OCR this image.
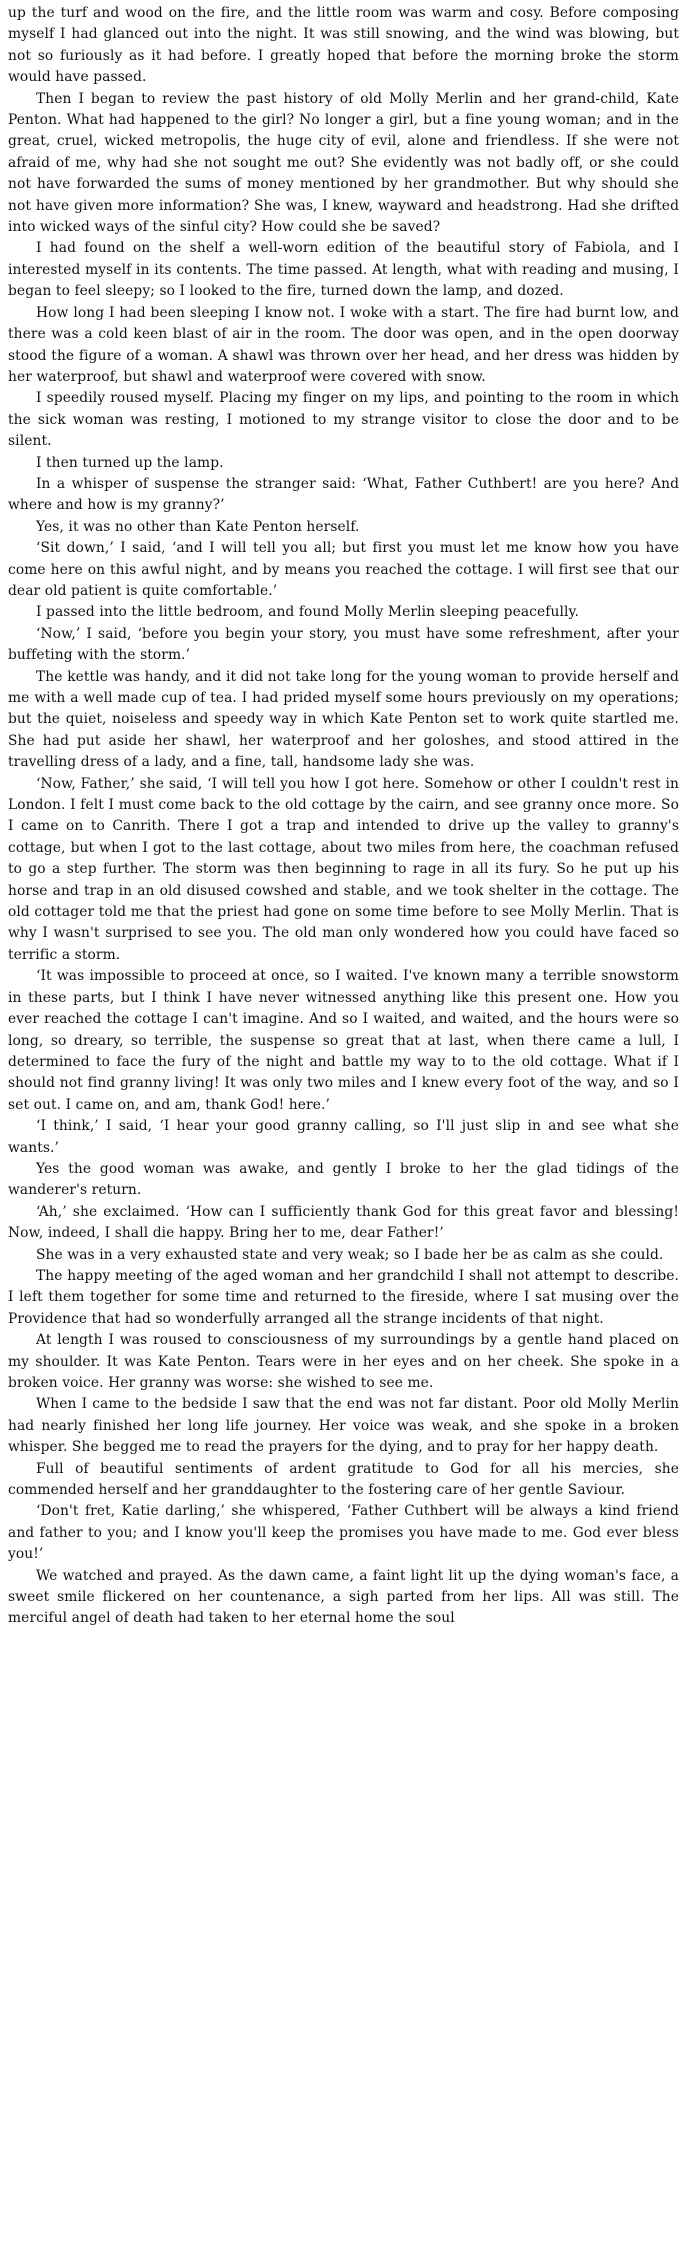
up the turf and wood on the fire, and the little room was warm and cosy. Before composing myself I had glanced out into the night. It was still snowing, and the wind was blowing, but not so furiously as it had before. I greatly hoped that before the morning broke the storm would have passed.

Then I began to review the past history of old Molly Merlin and her grand-child, Kate Penton. What had happened to the girl? No longer a girl, but a fine young woman; and in the great, cruel, wicked metropolis, the huge city of evil, alone and friendless. If she were not afraid of me, why had she not sought me out? She evidently was not badly off, or she could not have forwarded the sums of money mentioned by her grandmother. But why should she not have given more information? She was, I knew, wayward and headstrong. Had she drifted into wicked ways of the sinful city? How could she be saved?

I had found on the shelf a well-worn edition of the beautiful story of Fabiola, and I interested myself in its contents. The time passed. At length, what with reading and musing, I began to feel sleepy; so I looked to the fire, turned down the lamp, and dozed.

How long I had been sleeping I know not. I woke with a start. The fire had burnt low, and there was a cold keen blast of air in the room. The door was open, and in the open doorway stood the figure of a woman. A shawl was thrown over her head, and her dress was hidden by her waterproof, but shawl and waterproof were covered with snow.

I speedily roused myself. Placing my finger on my lips, and pointing to the room in which the sick woman was resting, I motioned to my strange visitor to close the door and to be silent.

I then turned up the lamp.

In a whisper of suspense the stranger said: ‘What, Father Cuthbert! are you here? And where and how is my granny?’

Yes, it was no other than Kate Penton herself.

‘Sit down,’ I said, ‘and I will tell you all; but first you must let me know how you have come here on this awful night, and by means you reached the cottage. I will first see that our dear old patient is quite comfortable.’

I passed into the little bedroom, and found Molly Merlin sleeping peacefully.

‘Now,’ I said, ‘before you begin your story, you must have some refreshment, after your buffeting with the storm.’

The kettle was handy, and it did not take long for the young woman to provide herself and me with a well made cup of tea. I had prided myself some hours previously on my operations; but the quiet, noiseless and speedy way in which Kate Penton set to work quite startled me. She had put aside her shawl, her waterproof and her goloshes, and stood attired in the travelling dress of a lady, and a fine, tall, handsome lady she was.

‘Now, Father,’ she said, ‘I will tell you how I got here. Somehow or other I couldn't rest in London. I felt I must come back to the old cottage by the cairn, and see granny once more. So I came on to Canrith. There I got a trap and intended to drive up the valley to granny's cottage, but when I got to the last cottage, about two miles from here, the coachman refused to go a step further. The storm was then beginning to rage in all its fury. So he put up his horse and trap in an old disused cowshed and stable, and we took shelter in the cottage. The old cottager told me that the priest had gone on some time before to see Molly Merlin. That is why I wasn't surprised to see you. The old man only wondered how you could have faced so terrific a storm.

‘It was impossible to proceed at once, so I waited. I've known many a terrible snowstorm in these parts, but I think I have never witnessed anything like this present one. How you ever reached the cottage I can't imagine. And so I waited, and waited, and the hours were so long, so dreary, so terrible, the suspense so great that at last, when there came a lull, I determined to face the fury of the night and battle my way to to the old cottage. What if I should not find granny living! It was only two miles and I knew every foot of the way, and so I set out. I came on, and am, thank God! here.’

‘I think,’ I said, ‘I hear your good granny calling, so I'll just slip in and see what she wants.’

Yes the good woman was awake, and gently I broke to her the glad tidings of the wanderer's return.

‘Ah,’ she exclaimed. ‘How can I sufficiently thank God for this great favor and blessing! Now, indeed, I shall die happy. Bring her to me, dear Father!’

She was in a very exhausted state and very weak; so I bade her be as calm as she could.

The happy meeting of the aged woman and her grandchild I shall not attempt to describe. I left them together for some time and returned to the fireside, where I sat musing over the Providence that had so wonderfully arranged all the strange incidents of that night.

At length I was roused to consciousness of my surroundings by a gentle hand placed on my shoulder. It was Kate Penton. Tears were in her eyes and on her cheek. She spoke in a broken voice. Her granny was worse: she wished to see me.

When I came to the bedside I saw that the end was not far distant. Poor old Molly Merlin had nearly finished her long life journey. Her voice was weak, and she spoke in a broken whisper. She begged me to read the prayers for the dying, and to pray for her happy death.

Full of beautiful sentiments of ardent gratitude to God for all his mercies, she commended herself and her granddaughter to the fostering care of her gentle Saviour.

‘Don't fret, Katie darling,’ she whispered, ‘Father Cuthbert will be always a kind friend and father to you; and I know you'll keep the promises you have made to me. God ever bless you!’

We watched and prayed. As the dawn came, a faint light lit up the dying woman's face, a sweet smile flickered on her countenance, a sigh parted from her lips. All was still. The merciful angel of death had taken to her eternal home the soul
